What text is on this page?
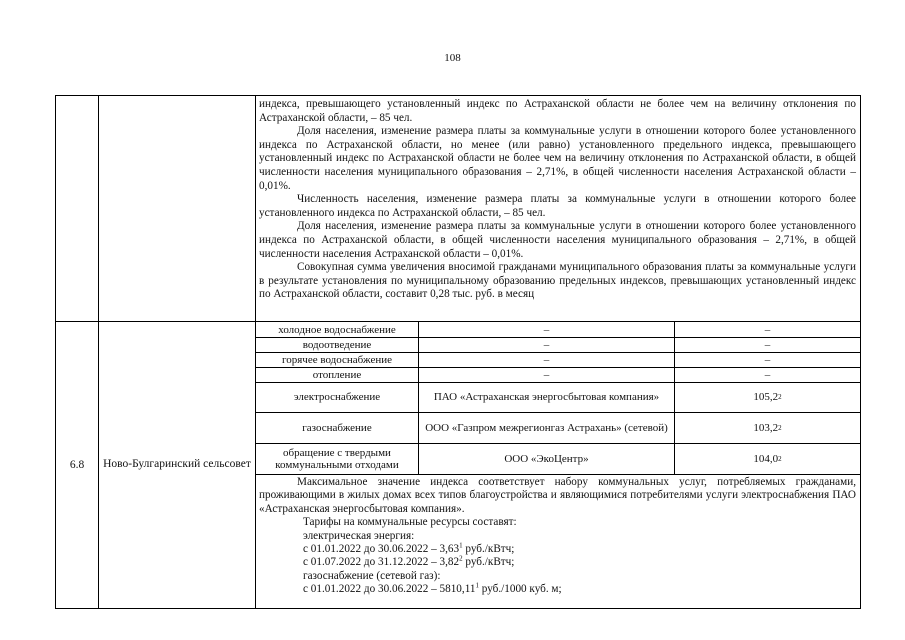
108

индекса, превышающего установленный индекс по Астраханской области не более чем на величину отклонения по Астраханской области, – 85 чел.

Доля населения, изменение размера платы за коммунальные услуги в отношении которого более установленного индекса по Астраханской области, но менее (или равно) установленного предельного индекса, превышающего установленный индекс по Астраханской области не более чем на величину отклонения по Астраханской области, в общей численности населения муниципального образования – 2,71%, в общей численности населения Астраханской области – 0,01%.

Численность населения, изменение размера платы за коммунальные услуги в отношении которого более установленного индекса по Астраханской области, – 85 чел.

Доля населения, изменение размера платы за коммунальные услуги в отношении которого более установленного индекса по Астраханской области, в общей численности населения муниципального образования – 2,71%, в общей численности населения Астраханской области – 0,01%.

Совокупная сумма увеличения вносимой гражданами муниципального образования платы за коммунальные услуги в результате установления по муниципальному образованию предельных индексов, превышающих установленный индекс по Астраханской области, составит 0,28 тыс. руб. в месяц

6.8	Ново-Булгаринский сельсовет
холодное водоснабжение	–	–
водоотведение	–	–
горячее водоснабжение	–	–
отопление	–	–
электроснабжение	ПАО «Астраханская энергосбытовая компания»	105,2 2
газоснабжение	ООО «Газпром межрегионгаз Астрахань» (сетевой)	103,2 2
обращение с твердыми коммунальными отходами	ООО «ЭкоЦентр»	104,0 2

Максимальное значение индекса соответствует набору коммунальных услуг, потребляемых гражданами, проживающими в жилых домах всех типов благоустройства и являющимися потребителями услуги электроснабжения ПАО «Астраханская энергосбытовая компания».

Тарифы на коммунальные ресурсы составят:

электрическая энергия:

с 01.01.2022 до 30.06.2022 – 3,63$^1$ руб./кВтч;

с 01.07.2022 до 31.12.2022 – 3,82$^2$ руб./кВтч;

газоснабжение (сетевой газ):

с 01.01.2022 до 30.06.2022 – 5810,11$^1$ руб./1000 куб. м;
